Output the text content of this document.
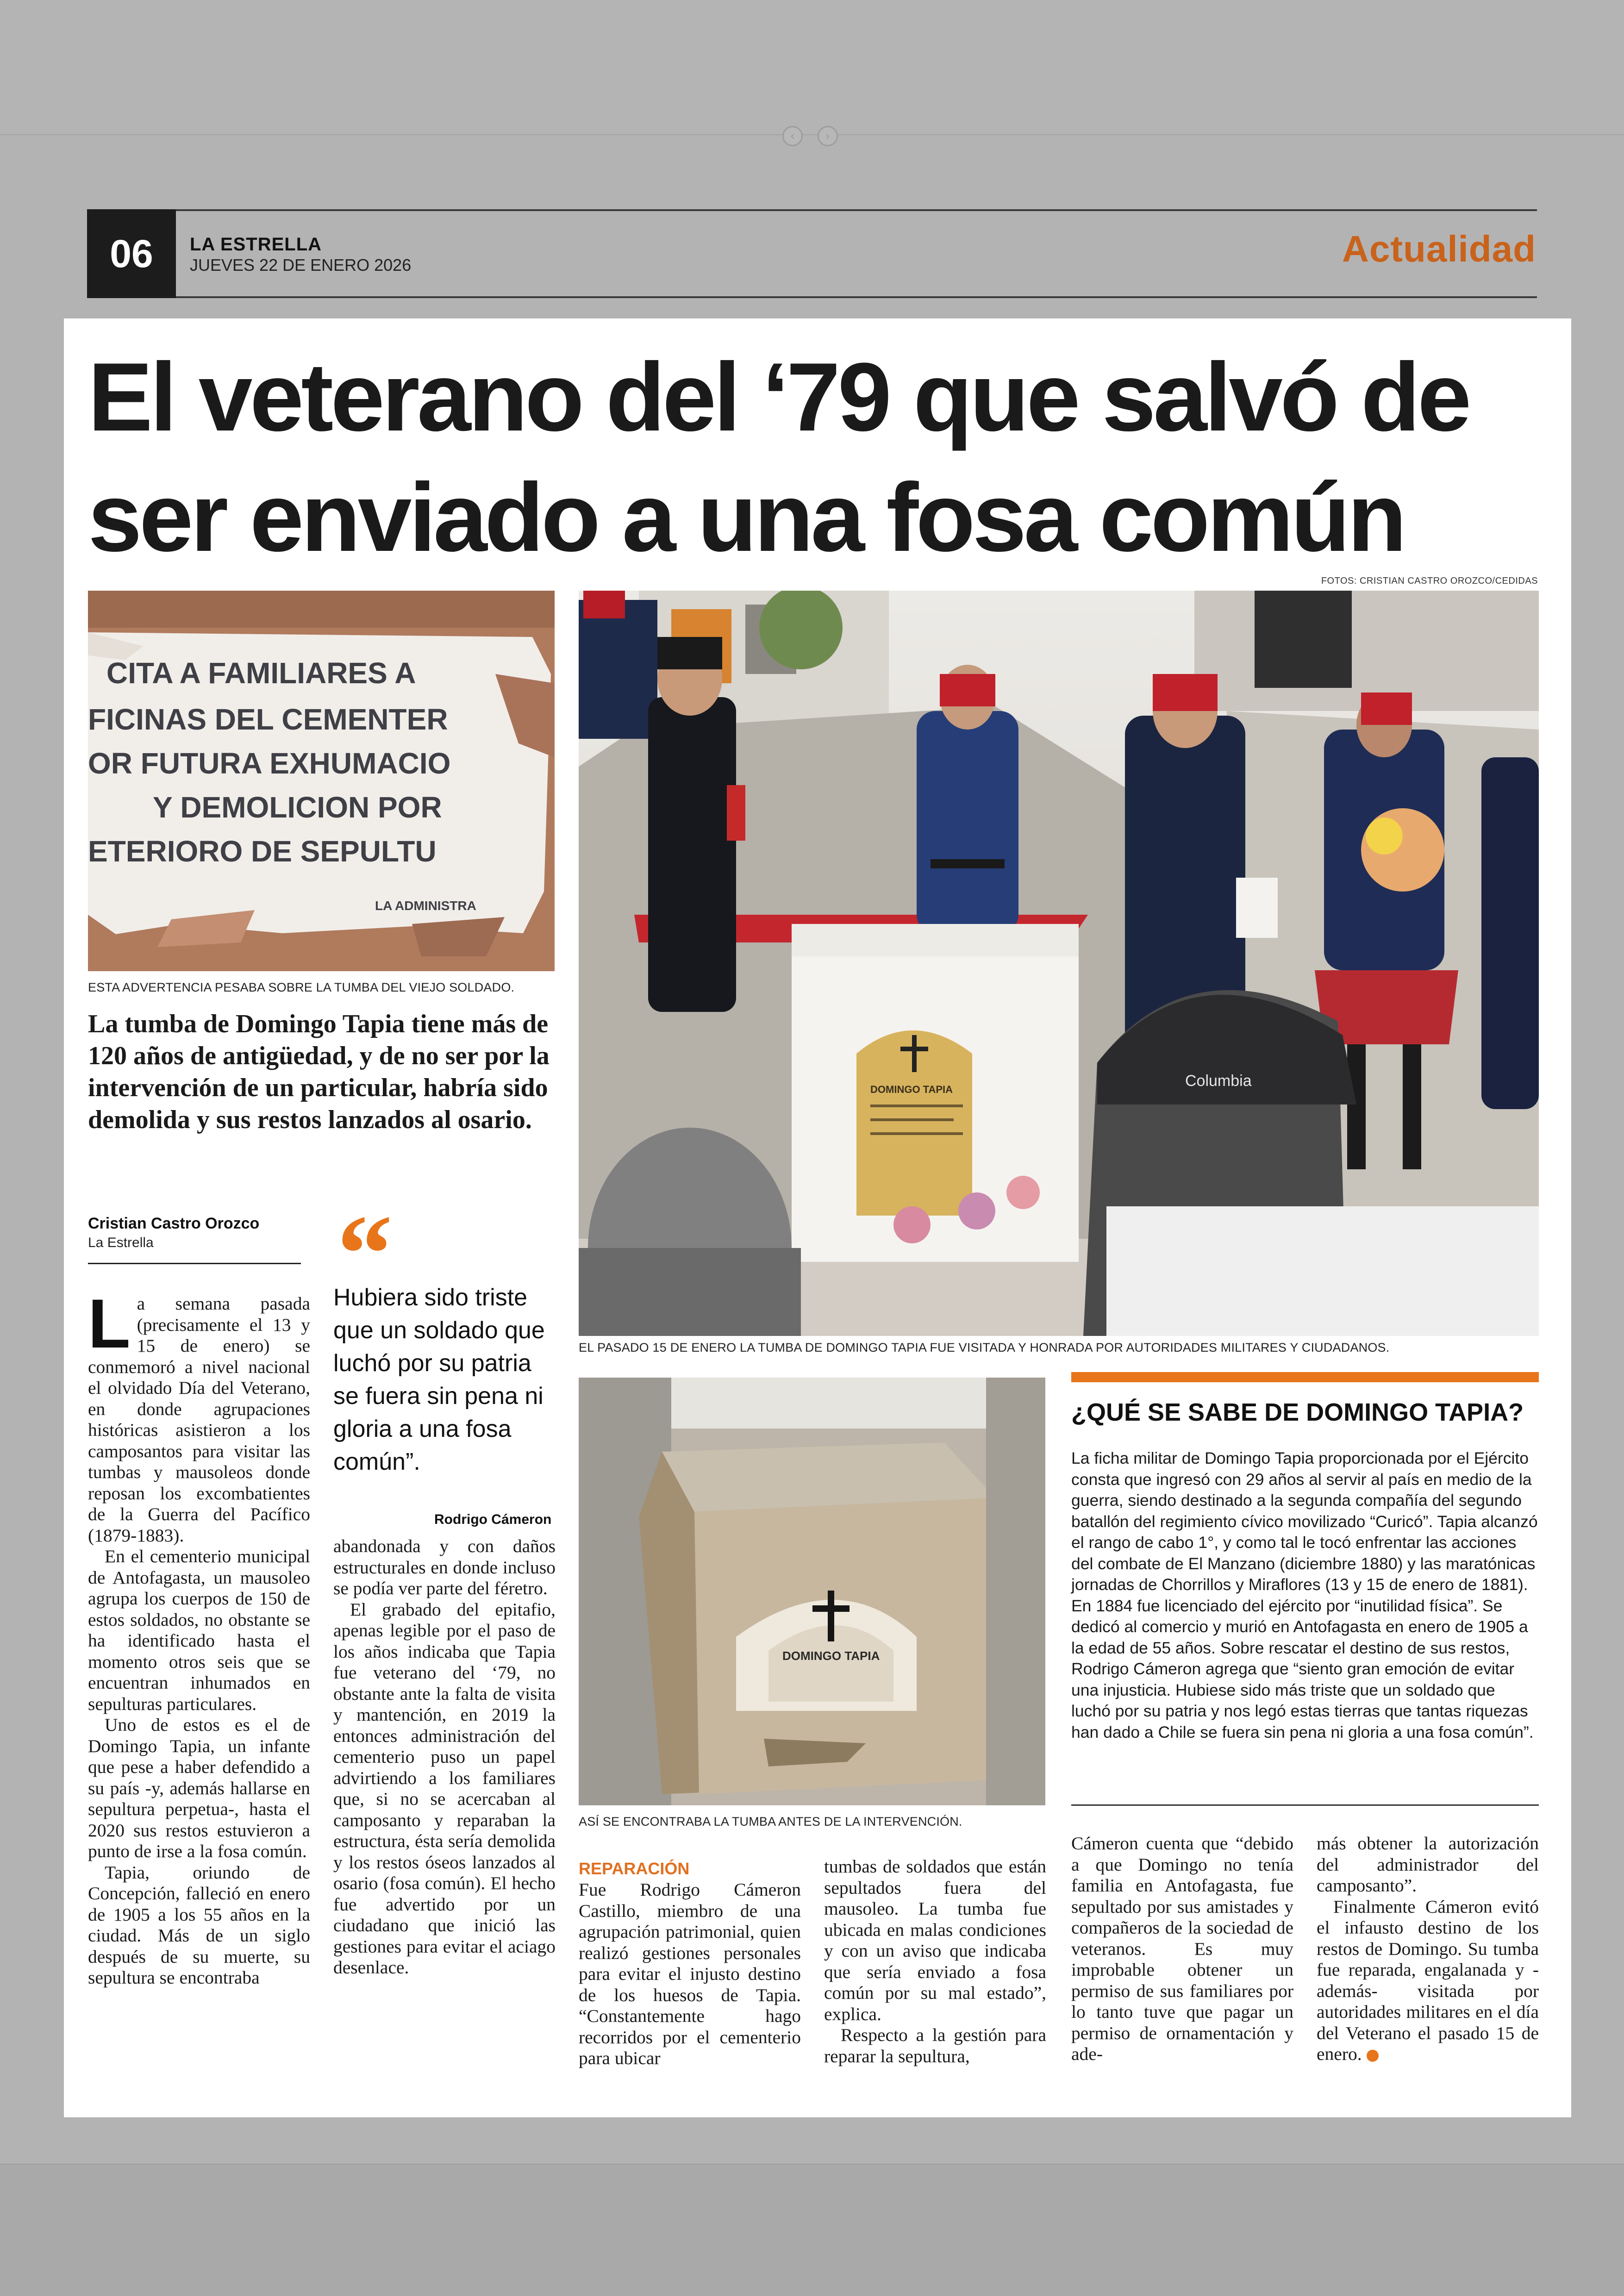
‹	›
06	LA ESTRELLA
JUEVES 22 DE ENERO 2026	Actualidad
El veterano del ‘79 que salvó de ser enviado a una fosa común
FOTOS: CRISTIAN CASTRO OROZCO/CEDIDAS
CITA A FAMILIARES A
FICINAS DEL CEMENTER
OR FUTURA EXHUMACIO
Y DEMOLICION POR
ETERIORO DE SEPULTU
LA ADMINISTRA
ESTA ADVERTENCIA PESABA SOBRE LA TUMBA DEL VIEJO SOLDADO.
DOMINGO TAPIA	Columbia
EL PASADO 15 DE ENERO LA TUMBA DE DOMINGO TAPIA FUE VISITADA Y HONRADA POR AUTORIDADES MILITARES Y CIUDADANOS.
DOMINGO TAPIA
ASÍ SE ENCONTRABA LA TUMBA ANTES DE LA INTERVENCIÓN.

La tumba de Domingo Tapia tiene más de 120 años de antigüedad, y de no ser por la intervención de un particular, habría sido demolida y sus restos lanzados al osario.

Cristian Castro Orozco
La Estrella “

Hubiera sido triste que un soldado que luchó por su patria se fuera sin pena ni gloria a una fosa común”.

Rodrigo Cámeron

La semana pasada (precisamente el 13 y 15 de enero) se conmemoró a nivel nacional el olvidado Día del Veterano, en donde agrupaciones históricas asistieron a los camposantos para visitar las tumbas y mausoleos donde reposan los excombatientes de la Guerra del Pacífico (1879-1883).

En el cementerio municipal de Antofagasta, un mausoleo agrupa los cuerpos de 150 de estos soldados, no obstante se ha identificado hasta el momento otros seis que se encuentran inhumados en sepulturas particulares.

Uno de estos es el de Domingo Tapia, un infante que pese a haber defendido a su país -y, además hallarse en sepultura perpetua-, hasta el 2020 sus restos estuvieron a punto de irse a la fosa común.

Tapia, oriundo de Concepción, falleció en enero de 1905 a los 55 años en la ciudad. Más de un siglo después de su muerte, su sepultura se encontraba

abandonada y con daños estructurales en donde incluso se podía ver parte del féretro.

El grabado del epitafio, apenas legible por el paso de los años indicaba que Tapia fue veterano del ‘79, no obstante ante la falta de visita y mantención, en 2019 la entonces administración del cementerio puso un papel advirtiendo a los familiares que, si no se acercaban al camposanto y reparaban la estructura, ésta sería demolida y los restos óseos lanzados al osario (fosa común). El hecho fue advertido por un ciudadano que inició las gestiones para evitar el aciago desenlace.

REPARACIÓN

Fue Rodrigo Cámeron Castillo, miembro de una agrupación patrimonial, quien realizó gestiones personales para evitar el injusto destino de los huesos de Tapia. “Constantemente hago recorridos por el cementerio para ubicar

tumbas de soldados que están sepultados fuera del mausoleo. La tumba fue ubicada en malas condiciones y con un aviso que indicaba que sería enviado a fosa común por su mal estado”, explica.

Respecto a la gestión para reparar la sepultura,

Cámeron cuenta que “debido a que Domingo no tenía familia en Antofagasta, fue sepultado por sus amistades y compañeros de la sociedad de veteranos. Es muy improbable obtener un permiso de sus familiares por lo tanto tuve que pagar un permiso de ornamentación y ade-

más obtener la autorización del administrador del camposanto”.

Finalmente Cámeron evitó el infausto destino de los restos de Domingo. Su tumba fue reparada, engalanada y -además- visitada por autoridades militares en el día del Veterano el pasado 15 de enero.

¿QUÉ SE SABE DE DOMINGO TAPIA?

La ficha militar de Domingo Tapia proporcionada por el Ejército consta que ingresó con 29 años al servir al país en medio de la guerra, siendo destinado a la segunda compañía del segundo batallón del regimiento cívico movilizado “Curicó”. Tapia alcanzó el rango de cabo 1°, y como tal le tocó enfrentar las acciones del combate de El Manzano (diciembre 1880) y las maratónicas jornadas de Chorrillos y Miraflores (13 y 15 de enero de 1881). En 1884 fue licenciado del ejército por “inutilidad física”. Se dedicó al comercio y murió en Antofagasta en enero de 1905 a la edad de 55 años. Sobre rescatar el destino de sus restos, Rodrigo Cámeron agrega que “siento gran emoción de evitar una injusticia. Hubiese sido más triste que un soldado que luchó por su patria y nos legó estas tierras que tantas riquezas han dado a Chile se fuera sin pena ni gloria a una fosa común”.
